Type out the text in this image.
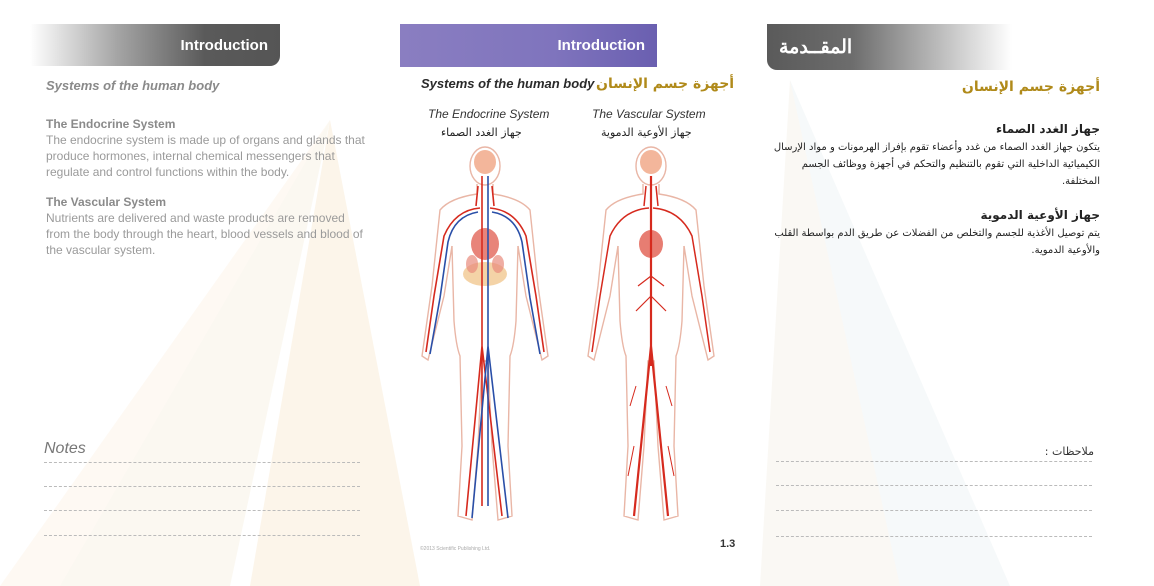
Introduction
Systems of the human body
The Endocrine System

The endocrine system is made up of organs and glands that produce hormones, internal chemical messengers that regulate and control functions within the body.

The Vascular System

Nutrients are delivered and waste products are removed from the body through the heart, blood vessels and blood of the vascular system.

Notes
Introduction
Systems of the human body أجهزة جسم الإنسان
The Endocrine System
جهاز الغدد الصماء
The Vascular System
جهاز الأوعية الدموية
1.3
©2013 Scientific Publishing Ltd.
المقــدمة
أجهزة جسم الإنسان
جهاز الغدد الصماء

يتكون جهاز الغدد الصماء من غدد وأعضاء تقوم بإفراز الهرمونات و مواد الإرسال الكيميائية الداخلية التي تقوم بالتنظيم والتحكم في أجهزة ووظائف الجسم المختلفة.

جهاز الأوعية الدموية

يتم توصيل الأغذية للجسم والتخلص من الفضلات عن طريق الدم بواسطة القلب والأوعية الدموية.

ملاحظات :
